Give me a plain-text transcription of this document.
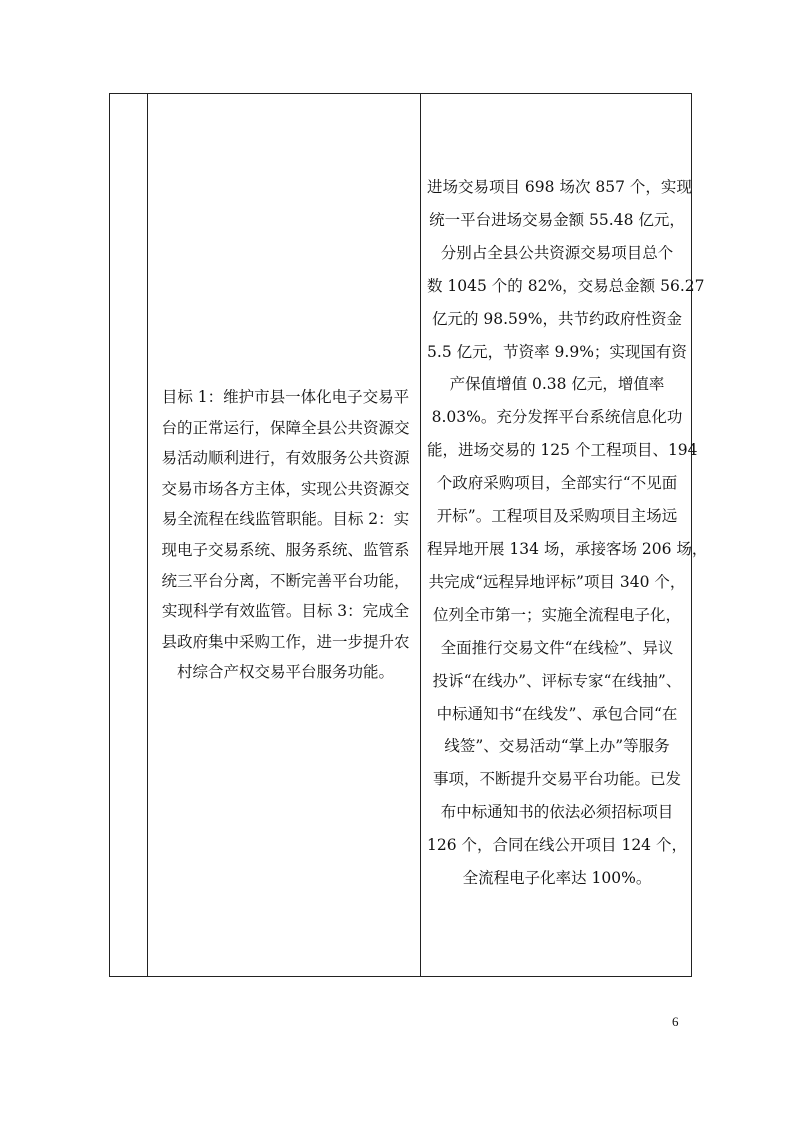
目标 1：维护市县一体化电子交易平
台的正常运行，保障全县公共资源交
易活动顺利进行，有效服务公共资源
交易市场各方主体，实现公共资源交
易全流程在线监管职能。目标 2：实
现电子交易系统、服务系统、监管系
统三平台分离，不断完善平台功能，
实现科学有效监管。目标 3：完成全
县政府集中采购工作，进一步提升农
村综合产权交易平台服务功能。

进场交易项目 698 场次 857 个，实现
统一平台进场交易金额 55.48 亿元，
分别占全县公共资源交易项目总个
数 1045 个的 82%，交易总金额 56.27
亿元的 98.59%，共节约政府性资金
5.5 亿元，节资率 9.9%；实现国有资
产保值增值 0.38 亿元，增值率
8.03%。充分发挥平台系统信息化功
能，进场交易的 125 个工程项目、194
个政府采购项目，全部实行“不见面
开标”。工程项目及采购项目主场远
程异地开展 134 场，承接客场 206 场，
共完成“远程异地评标”项目 340 个，
位列全市第一；实施全流程电子化，
全面推行交易文件“在线检”、异议
投诉“在线办”、评标专家“在线抽”、
中标通知书“在线发”、承包合同“在
线签”、交易活动“掌上办”等服务
事项，不断提升交易平台功能。已发
布中标通知书的依法必须招标项目
126 个，合同在线公开项目 124 个，
全流程电子化率达 100%。
6
